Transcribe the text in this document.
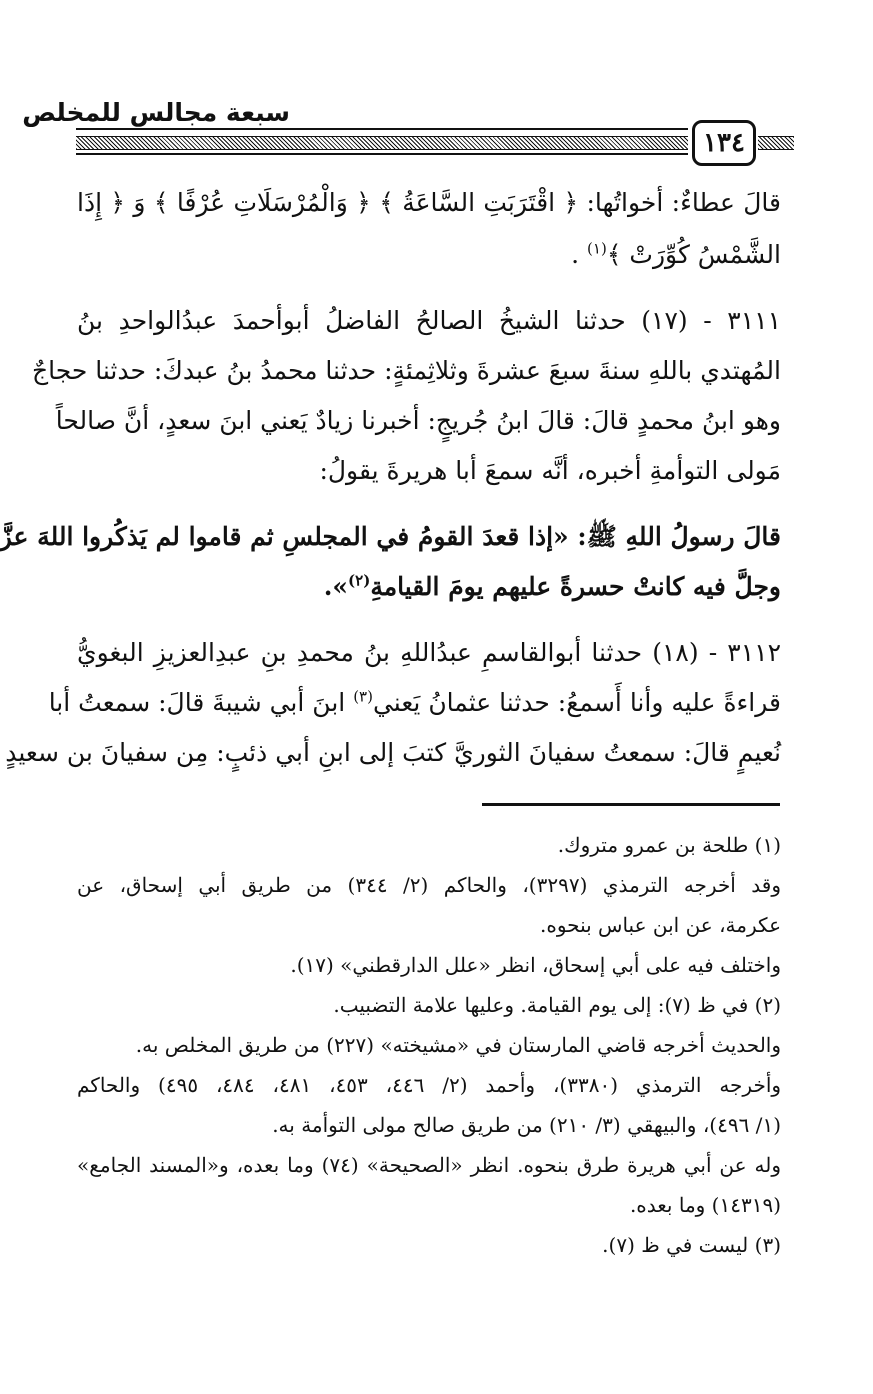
سبعة مجالس للمخلص
١٣٤
قالَ عطاءٌ: أخواتُها: ﴿ اقْتَرَبَتِ السَّاعَةُ ﴾ ﴿ وَالْمُرْسَلَاتِ عُرْفًا ﴾ وَ ﴿ إِذَا
الشَّمْسُ كُوِّرَتْ ﴾$^{(١)}$ .
٣١١١ - (١٧) حدثنا الشيخُ الصالحُ الفاضلُ أبوأحمدَ عبدُالواحدِ بنُ
المُهتدي باللهِ سنةَ سبعَ عشرةَ وثلاثِمئةٍ: حدثنا محمدُ بنُ عبدكَ: حدثنا حجاجٌ
وهو ابنُ محمدٍ قالَ: قالَ ابنُ جُريجٍ: أخبرنا زيادٌ يَعني ابنَ سعدٍ، أنَّ صالحاً
مَولى التوأمةِ أخبره، أنَّه سمعَ أبا هريرةَ يقولُ:
قالَ رسولُ اللهِ ﷺ: «إذا قعدَ القومُ في المجلسِ ثم قاموا لم يَذكُروا اللهَ عزَّ
وجلَّ فيه كانتْ حسرةً عليهم يومَ القيامةِ$^{(٢)}$».
٣١١٢ - (١٨) حدثنا أبوالقاسمِ عبدُاللهِ بنُ محمدِ بنِ عبدِالعزيزِ البغويُّ
قراءةً عليه وأنا أَسمعُ: حدثنا عثمانُ يَعني$^{(٣)}$ ابنَ أبي شيبةَ قالَ: سمعتُ أبا
نُعيمٍ قالَ: سمعتُ سفيانَ الثوريَّ كتبَ إلى ابنِ أبي ذئبٍ: مِن سفيانَ بن سعيدٍ
(١) طلحة بن عمرو متروك.
وقد أخرجه الترمذي (٣٢٩٧)، والحاكم (٢/ ٣٤٤) من طريق أبي إسحاق، عن
عكرمة، عن ابن عباس بنحوه.
واختلف فيه على أبي إسحاق، انظر «علل الدارقطني» (١٧).
(٢) في ظ (٧): إلى يوم القيامة. وعليها علامة التضبيب.
والحديث أخرجه قاضي المارستان في «مشيخته» (٢٢٧) من طريق المخلص به.
وأخرجه الترمذي (٣٣٨٠)، وأحمد (٢/ ٤٤٦، ٤٥٣، ٤٨١، ٤٨٤، ٤٩٥) والحاكم
(١/ ٤٩٦)، والبيهقي (٣/ ٢١٠) من طريق صالح مولى التوأمة به.
وله عن أبي هريرة طرق بنحوه. انظر «الصحيحة» (٧٤) وما بعده، و«المسند الجامع»
(١٤٣١٩) وما بعده.
(٣) ليست في ظ (٧).
